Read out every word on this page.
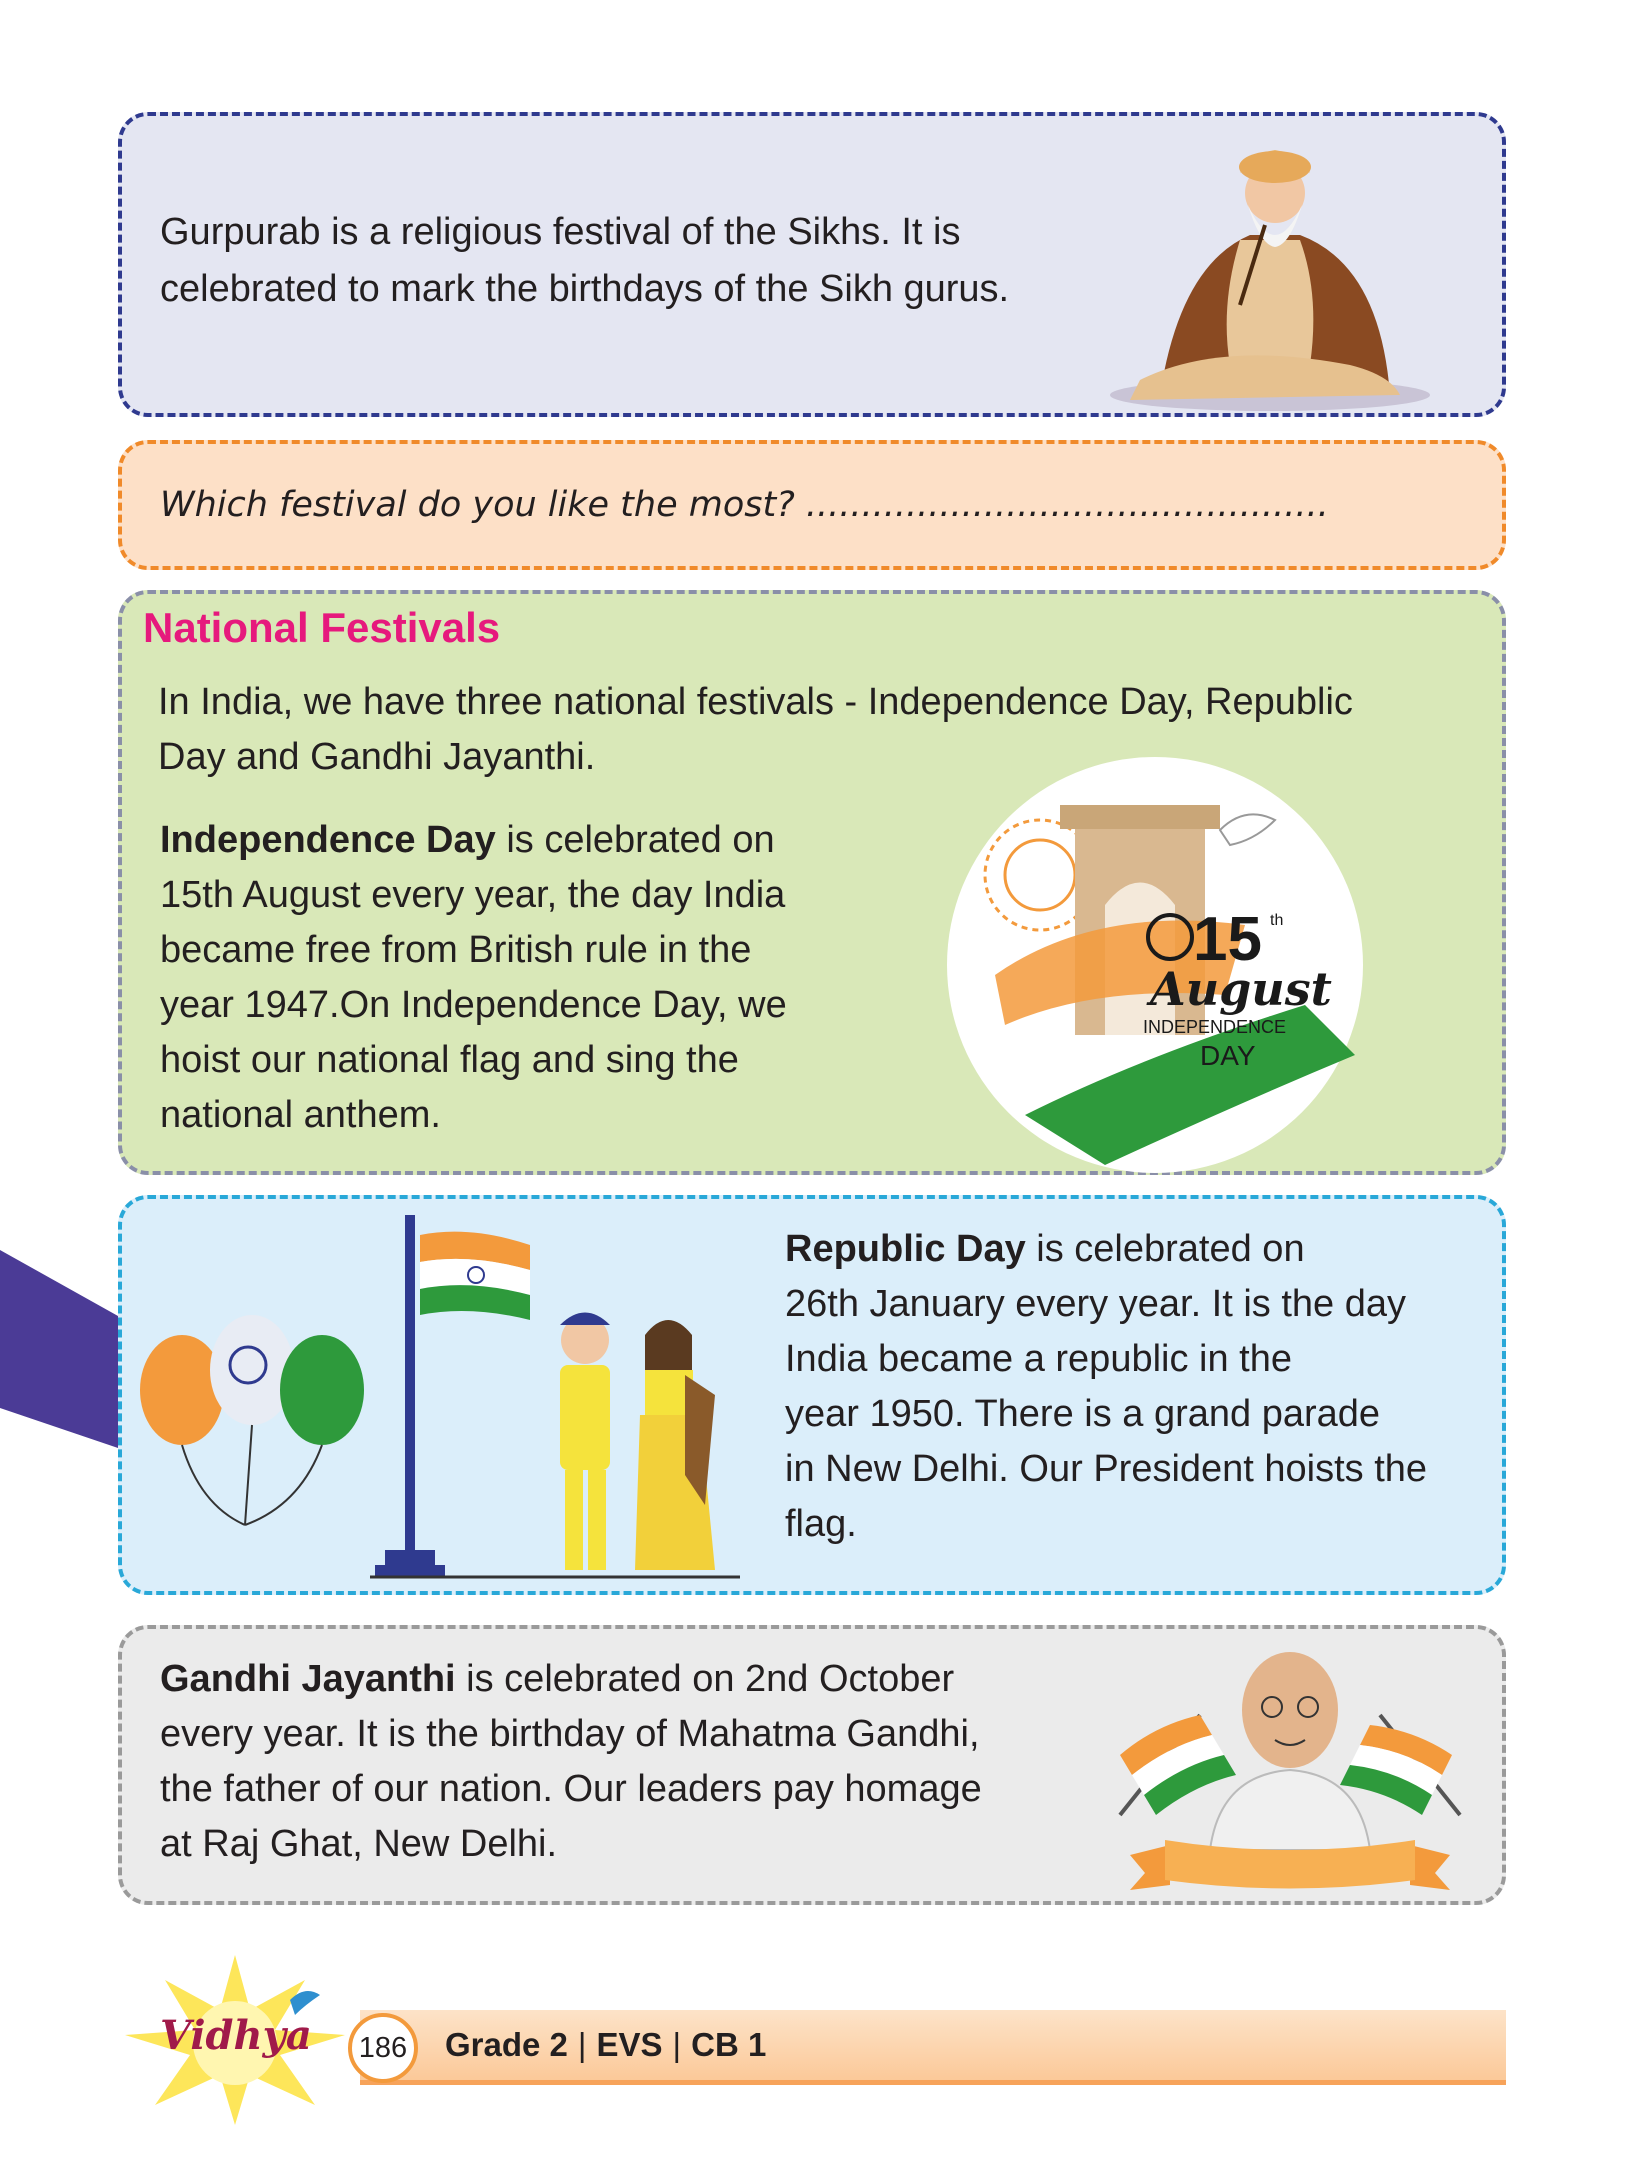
Gurpurab is a religious festival of the Sikhs. It is
celebrated to mark the birthdays of the Sikh gurus.
Which festival do you like the most? ...............................................
National Festivals
In India, we have three national festivals - Independence Day, Republic
Day and Gandhi Jayanthi.
Independence Day is celebrated on
15th August every year, the day India
became free from British rule in the
year 1947.On Independence Day, we
hoist our national flag and sing the
national anthem.
15 th
August
INDEPENDENCE
DAY
Republic Day is celebrated on
26th January every year. It is the day
India became a republic in the
year 1950. There is a grand parade
in New Delhi. Our President hoists the
flag.
Gandhi Jayanthi is celebrated on 2nd October
every year. It is the birthday of Mahatma Gandhi,
the father of our nation. Our leaders pay homage
at Raj Ghat, New Delhi.
Vidhya	186	Grade 2 | EVS | CB 1
